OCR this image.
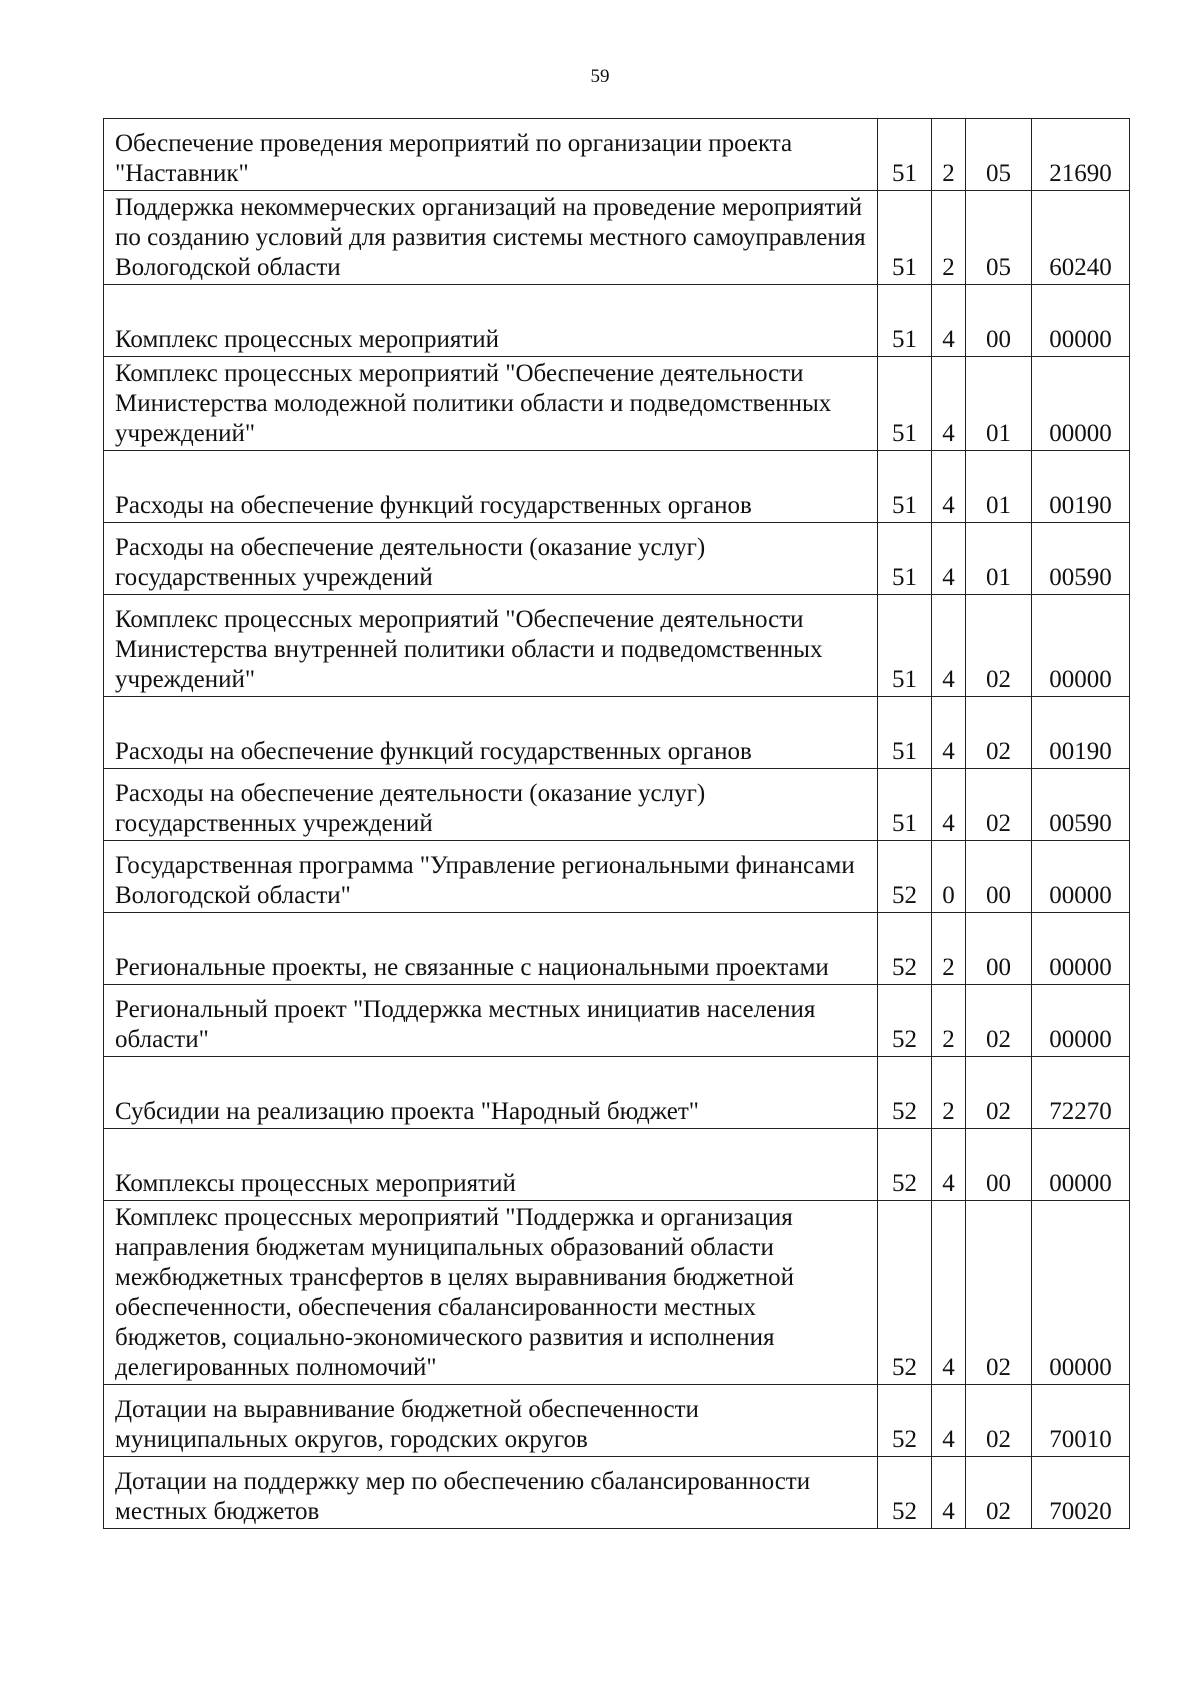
59
Обеспечение проведения мероприятий по организации проекта "Наставник"	51	2	05	21690
Поддержка некоммерческих организаций на проведение мероприятий по созданию условий для развития системы местного самоуправления Вологодской области	51	2	05	60240
Комплекс процессных мероприятий	51	4	00	00000
Комплекс процессных мероприятий "Обеспечение деятельности Министерства молодежной политики области и подведомственных учреждений"	51	4	01	00000
Расходы на обеспечение функций государственных органов	51	4	01	00190
Расходы на обеспечение деятельности (оказание услуг) государственных учреждений	51	4	01	00590
Комплекс процессных мероприятий "Обеспечение деятельности Министерства внутренней политики области и подведомственных учреждений"	51	4	02	00000
Расходы на обеспечение функций государственных органов	51	4	02	00190
Расходы на обеспечение деятельности (оказание услуг) государственных учреждений	51	4	02	00590
Государственная программа "Управление региональными финансами Вологодской области"	52	0	00	00000
Региональные проекты, не связанные с национальными проектами	52	2	00	00000
Региональный проект "Поддержка местных инициатив населения области"	52	2	02	00000
Субсидии на реализацию проекта "Народный бюджет"	52	2	02	72270
Комплексы процессных мероприятий	52	4	00	00000
Комплекс процессных мероприятий "Поддержка и организация направления бюджетам муниципальных образований области межбюджетных трансфертов в целях выравнивания бюджетной обеспеченности, обеспечения сбалансированности местных бюджетов, социально-экономического развития и исполнения делегированных полномочий"	52	4	02	00000
Дотации на выравнивание бюджетной обеспеченности муниципальных округов, городских округов	52	4	02	70010
Дотации на поддержку мер по обеспечению сбалансированности местных бюджетов	52	4	02	70020
